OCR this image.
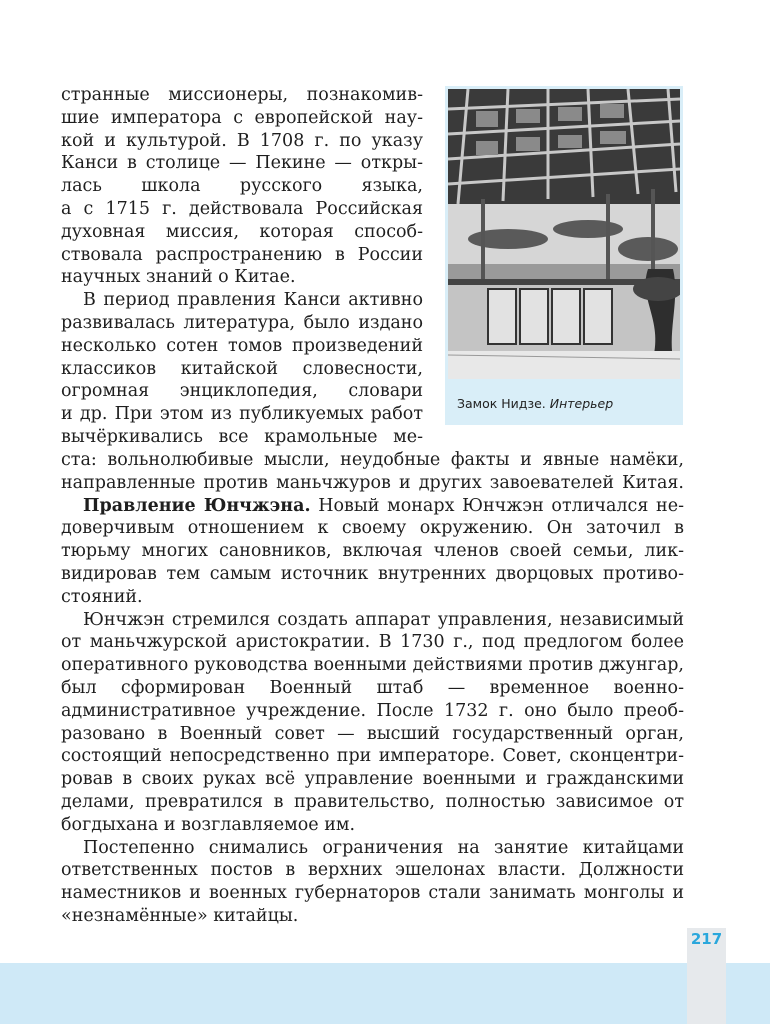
странные миссионеры, познакомив-
шие императора с европейской нау-
кой и культурой. В 1708 г. по указу
Канси в столице — Пекине — откры-
лась школа русского языка,
а с 1715 г. действовала Российская
духовная миссия, которая способ-
ствовала распространению в России
научных знаний о Китае.
В период правления Канси активно
развивалась литература, было издано
несколько сотен томов произведений
классиков китайской словесности,
огромная энциклопедия, словари
и др. При этом из публикуемых работ
вычёркивались все крамольные ме-
ста: вольнолюбивые мысли, неудобные факты и явные намёки,
направленные против маньчжуров и других завоевателей Китая.

Правление Юнчжэна. Новый монарх Юнчжэн отличался недоверчивым отношением к своему окружению. Он заточил в тюрьму многих сановников, включая членов своей семьи, ликвидировав тем самым источник внутренних дворцовых противостояний.

Юнчжэн стремился создать аппарат управления, независимый от маньчжурской аристократии. В 1730 г., под предлогом более оперативного руководства военными действиями против джунгар, был сформирован Военный штаб — временное военноадминистративное учреждение. После 1732 г. оно было преобразовано в Военный совет — высший государственный орган, состоящий непосредственно при императоре. Совет, сконцентрировав в своих руках всё управление военными и гражданскими делами, превратился в правительство, полностью зависимое от богдыхана и возглавляемое им.

Постепенно снимались ограничения на занятие китайцами ответственных постов в верхних эшелонах власти. Должности наместников и военных губернаторов стали занимать монголы и «незнамённые» китайцы.

Замок Нидзе. Интерьер
217
